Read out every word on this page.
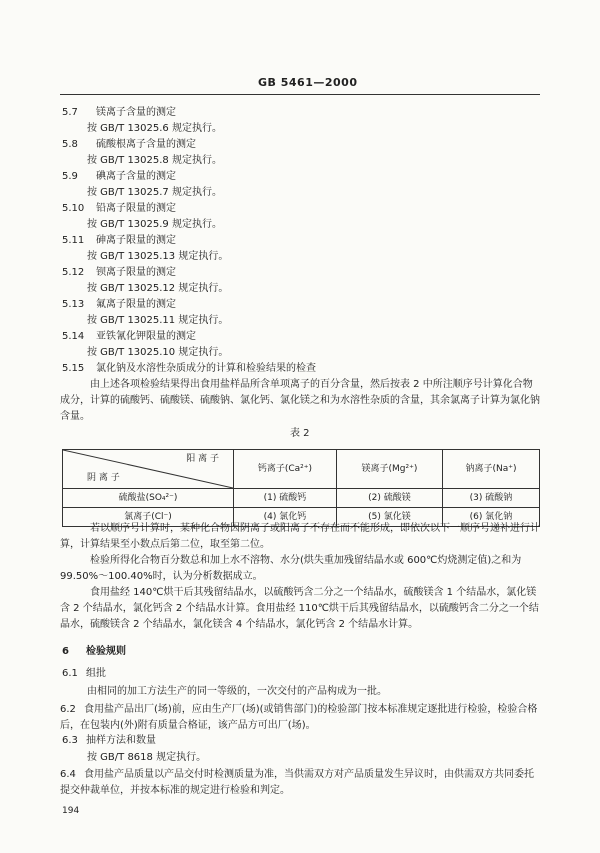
GB 5461—2000
5.7 镁离子含量的测定
按 GB/T 13025.6 规定执行。
5.8 硫酸根离子含量的测定
按 GB/T 13025.8 规定执行。
5.9 碘离子含量的测定
按 GB/T 13025.7 规定执行。
5.10 铅离子限量的测定
按 GB/T 13025.9 规定执行。
5.11 砷离子限量的测定
按 GB/T 13025.13 规定执行。
5.12 钡离子限量的测定
按 GB/T 13025.12 规定执行。
5.13 氟离子限量的测定
按 GB/T 13025.11 规定执行。
5.14 亚铁氰化钾限量的测定
按 GB/T 13025.10 规定执行。
5.15 氯化钠及水溶性杂质成分的计算和检验结果的检查
由上述各项检验结果得出食用盐样品所含单项离子的百分含量，然后按表 2 中所注顺序号计算化合物成分，计算的硫酸钙、硫酸镁、硫酸钠、氯化钙、氯化镁之和为水溶性杂质的含量，其余氯离子计算为氯化钠含量。
表 2
阳 离 子
阴 离 子	钙离子(Ca²⁺)	镁离子(Mg²⁺)	钠离子(Na⁺)
硫酸盐(SO₄²⁻)	(1) 硫酸钙	(2) 硫酸镁	(3) 硫酸钠
氯离子(Cl⁻)	(4) 氯化钙	(5) 氯化镁	(6) 氯化钠
若以顺序号计算时，某种化合物因阴离子或阳离子不存在而不能形成，即依次以下一顺序号递补进行计算，计算结果至小数点后第二位，取至第二位。
检验所得化合物百分数总和加上水不溶物、水分(烘失重加残留结晶水或 600℃灼烧测定值)之和为 99.50%～100.40%时，认为分析数据成立。
食用盐经 140℃烘干后其残留结晶水，以硫酸钙含二分之一个结晶水，硫酸镁含 1 个结晶水，氯化镁含 2 个结晶水，氯化钙含 2 个结晶水计算。食用盐经 110℃烘干后其残留结晶水，以硫酸钙含二分之一个结晶水，硫酸镁含 2 个结晶水，氯化镁含 4 个结晶水，氯化钙含 2 个结晶水计算。
6 检验规则
6.1 组批
由相同的加工方法生产的同一等级的，一次交付的产品构成为一批。
6.2 食用盐产品出厂(场)前，应由生产厂(场)(或销售部门)的检验部门按本标准规定逐批进行检验，检验合格后，在包装内(外)附有质量合格证，该产品方可出厂(场)。
6.3 抽样方法和数量
按 GB/T 8618 规定执行。
6.4 食用盐产品质量以产品交付时检测质量为准，当供需双方对产品质量发生异议时，由供需双方共同委托提交仲裁单位，并按本标准的规定进行检验和判定。
194
